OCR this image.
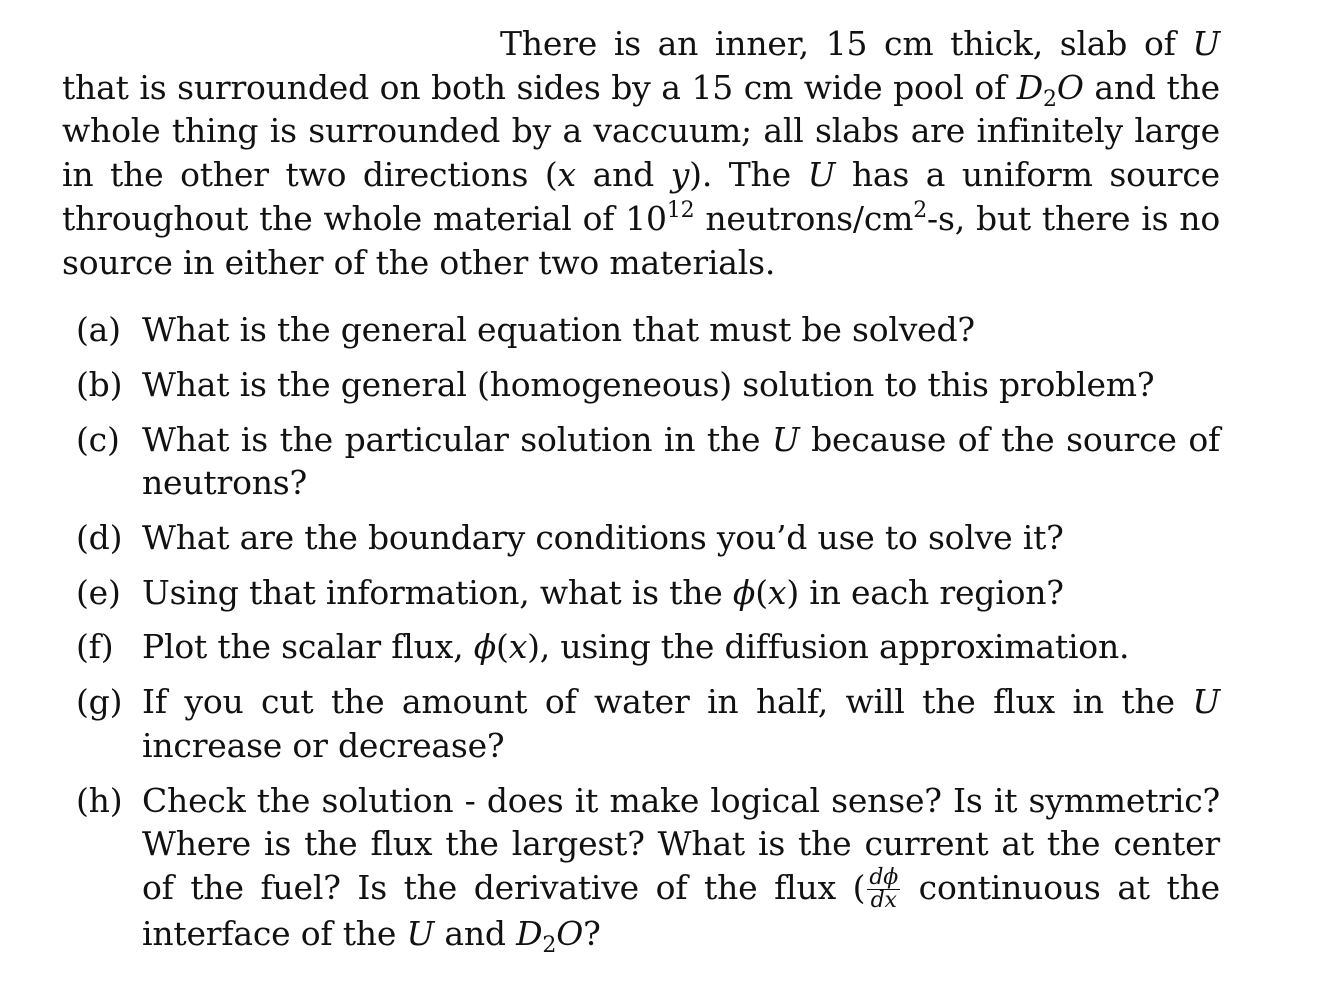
There is an inner, 15 cm thick, slab of U that is surrounded on both sides by a 15 cm wide pool of $D_2O$ and the whole thing is surrounded by a vaccuum; all slabs are infinitely large in the other two directions (x and y). The U has a uniform source throughout the whole material of $10^{12}$ neutrons/$cm^2-s$, but there is no source in either of the other two materials.

(a) What is the general equation that must be solved?
(b) What is the general (homogeneous) solution to this problem?
(c) What is the particular solution in the U because of the source of neutrons?
(d) What are the boundary conditions you’d use to solve it?
(e) Using that information, what is the ϕ(x) in each region?
(f) Plot the scalar flux, ϕ(x), using the diffusion approximation.
(g) If you cut the amount of water in half, will the flux in the U increase or decrease?
(h) Check the solution - does it make logical sense? Is it symmetric? Where is the flux the largest? What is the current at the center of the fuel? Is the derivative of the flux ( $\frac{d\phi}{dx}$ continuous at the interface of the U and $D_2O$?
